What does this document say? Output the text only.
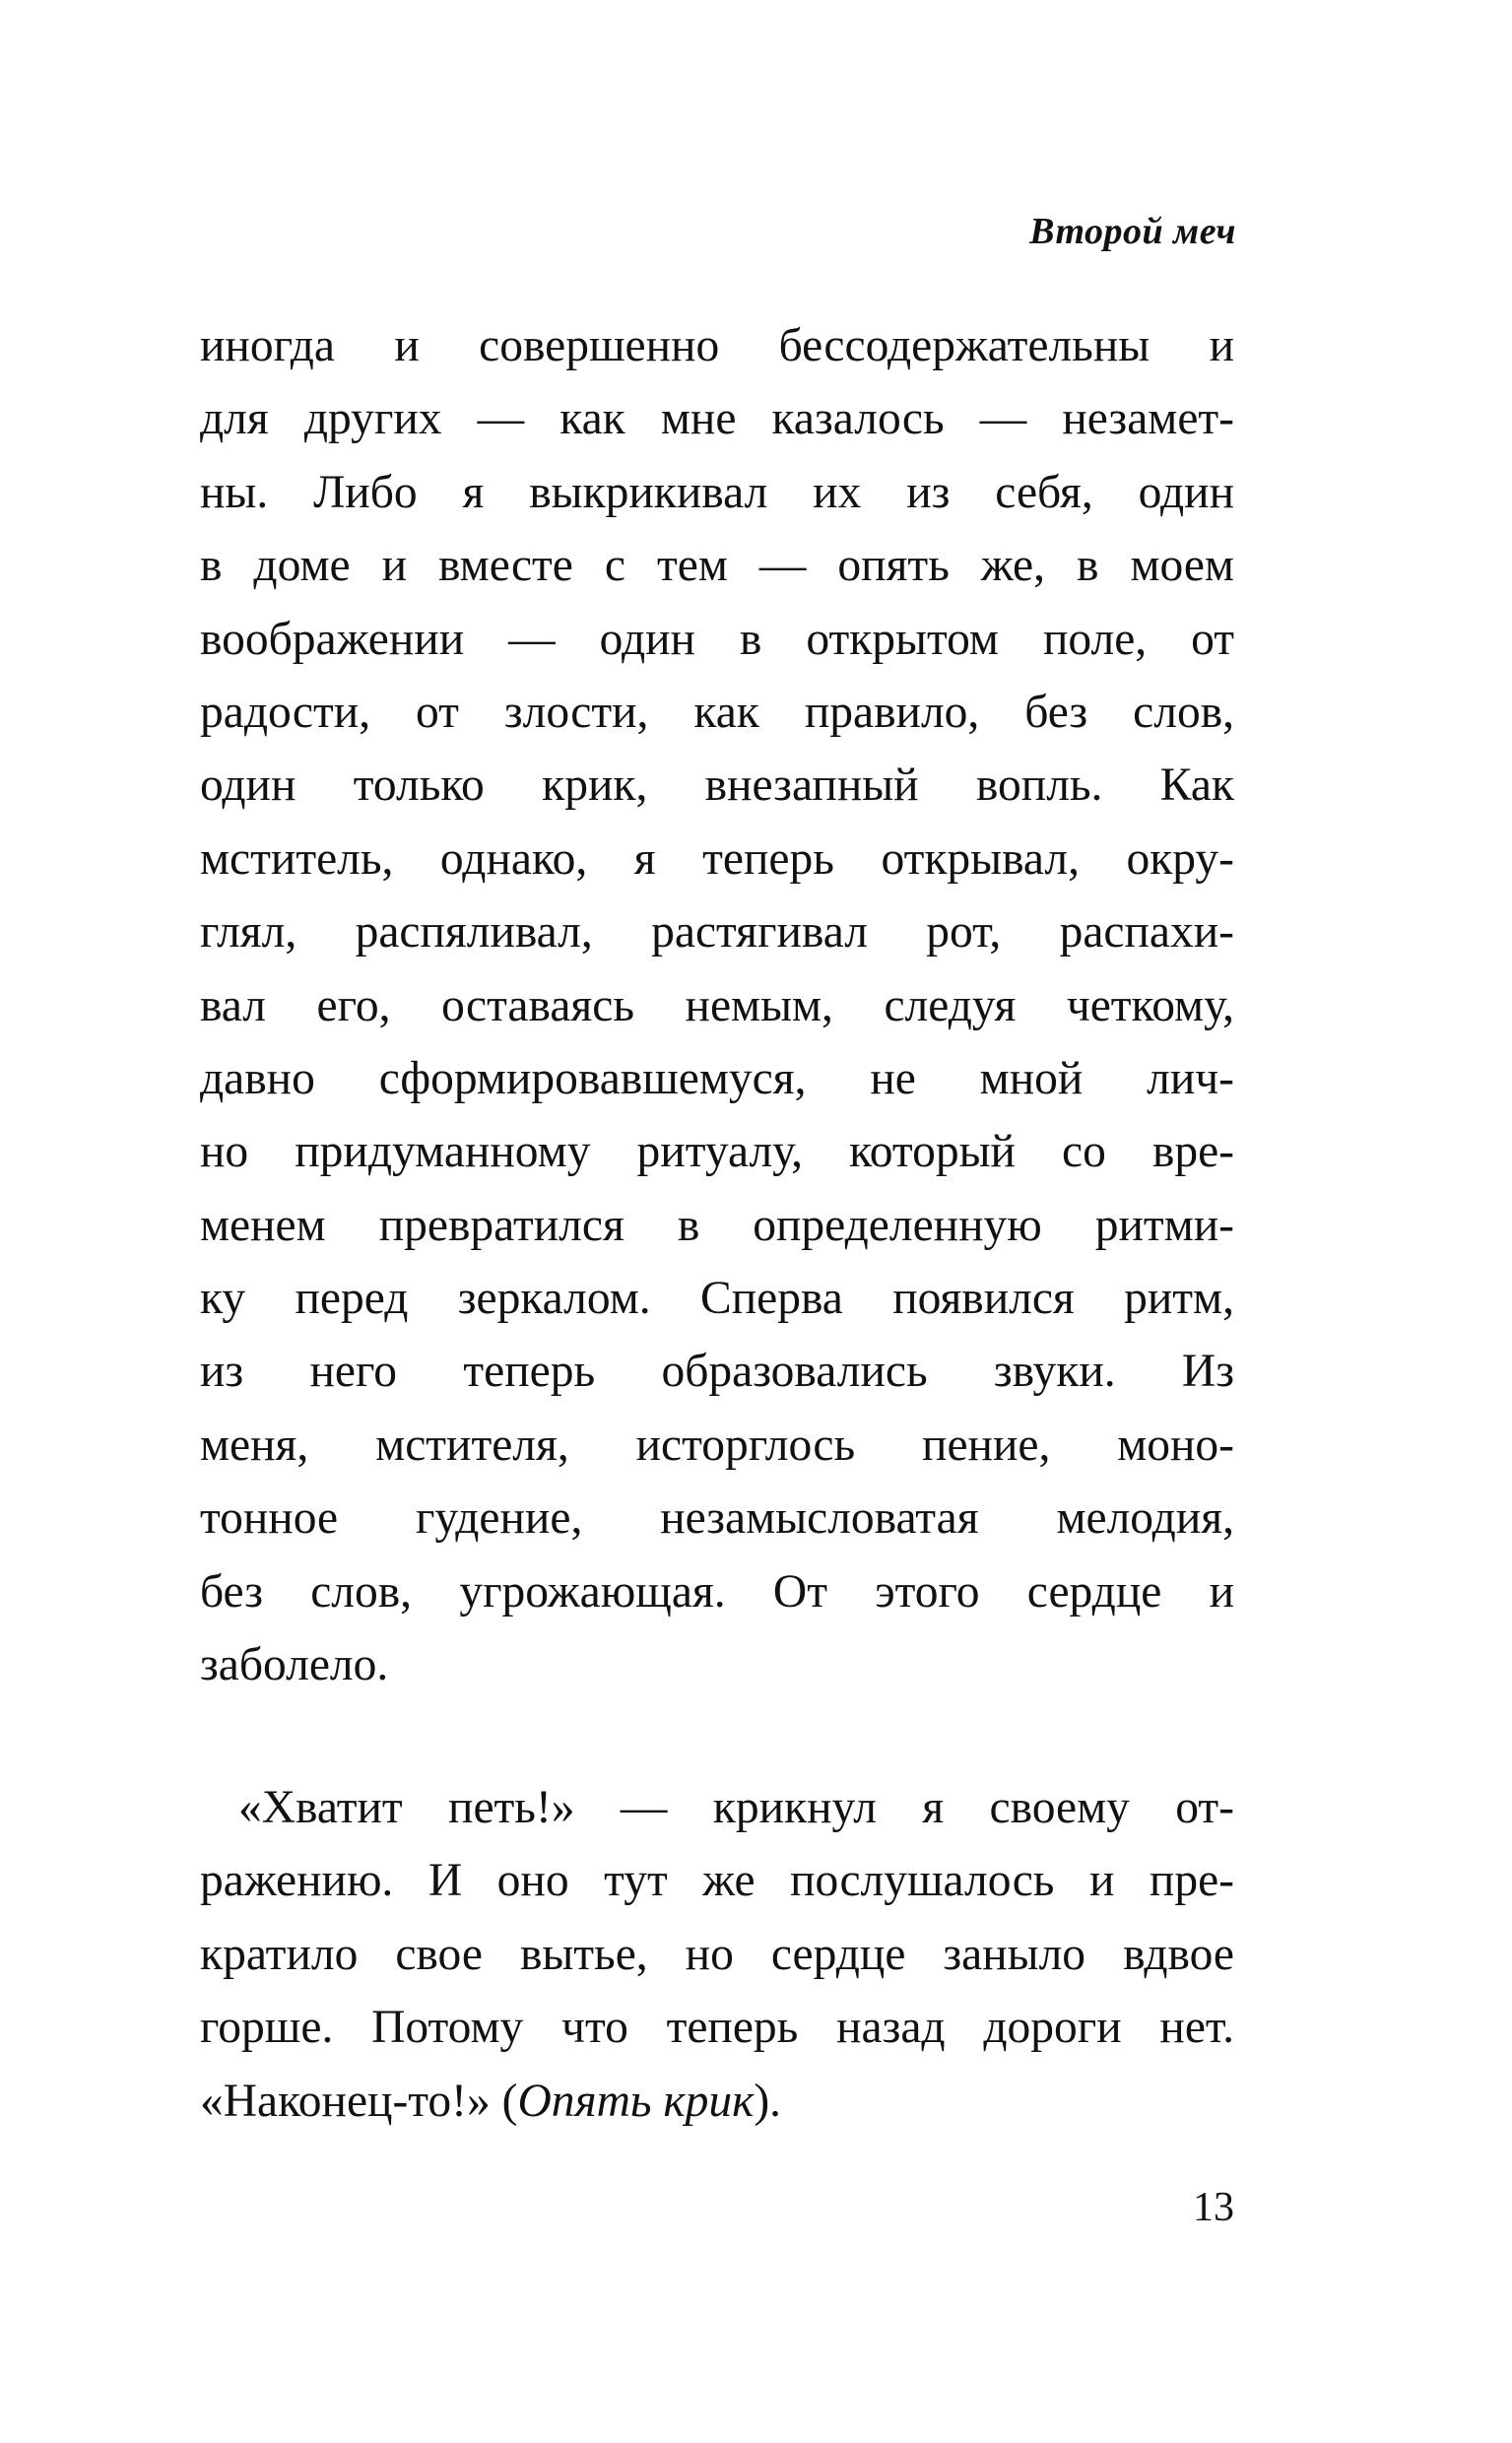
Второй меч
иногда и совершенно бессодержательны и
для других — как мне казалось — незамет-
ны. Либо я выкрикивал их из себя, один
в доме и вместе с тем — опять же, в моем
воображении — один в открытом поле, от
радости, от злости, как правило, без слов,
один только крик, внезапный вопль. Как
мститель, однако, я теперь открывал, окру-
глял, распяливал, растягивал рот, распахи-
вал его, оставаясь немым, следуя четкому,
давно сформировавшемуся, не мной лич-
но придуманному ритуалу, который со вре-
менем превратился в определенную ритми-
ку перед зеркалом. Сперва появился ритм,
из него теперь образовались звуки. Из
меня, мстителя, исторглось пение, моно-
тонное гудение, незамысловатая мелодия,
без слов, угрожающая. От этого сердце и
заболело.
«Хватит петь!» — крикнул я своему от-
ражению. И оно тут же послушалось и пре-
кратило свое вытье, но сердце заныло вдвое
горше. Потому что теперь назад дороги нет.
«Наконец-то!» (Опять крик).
13
